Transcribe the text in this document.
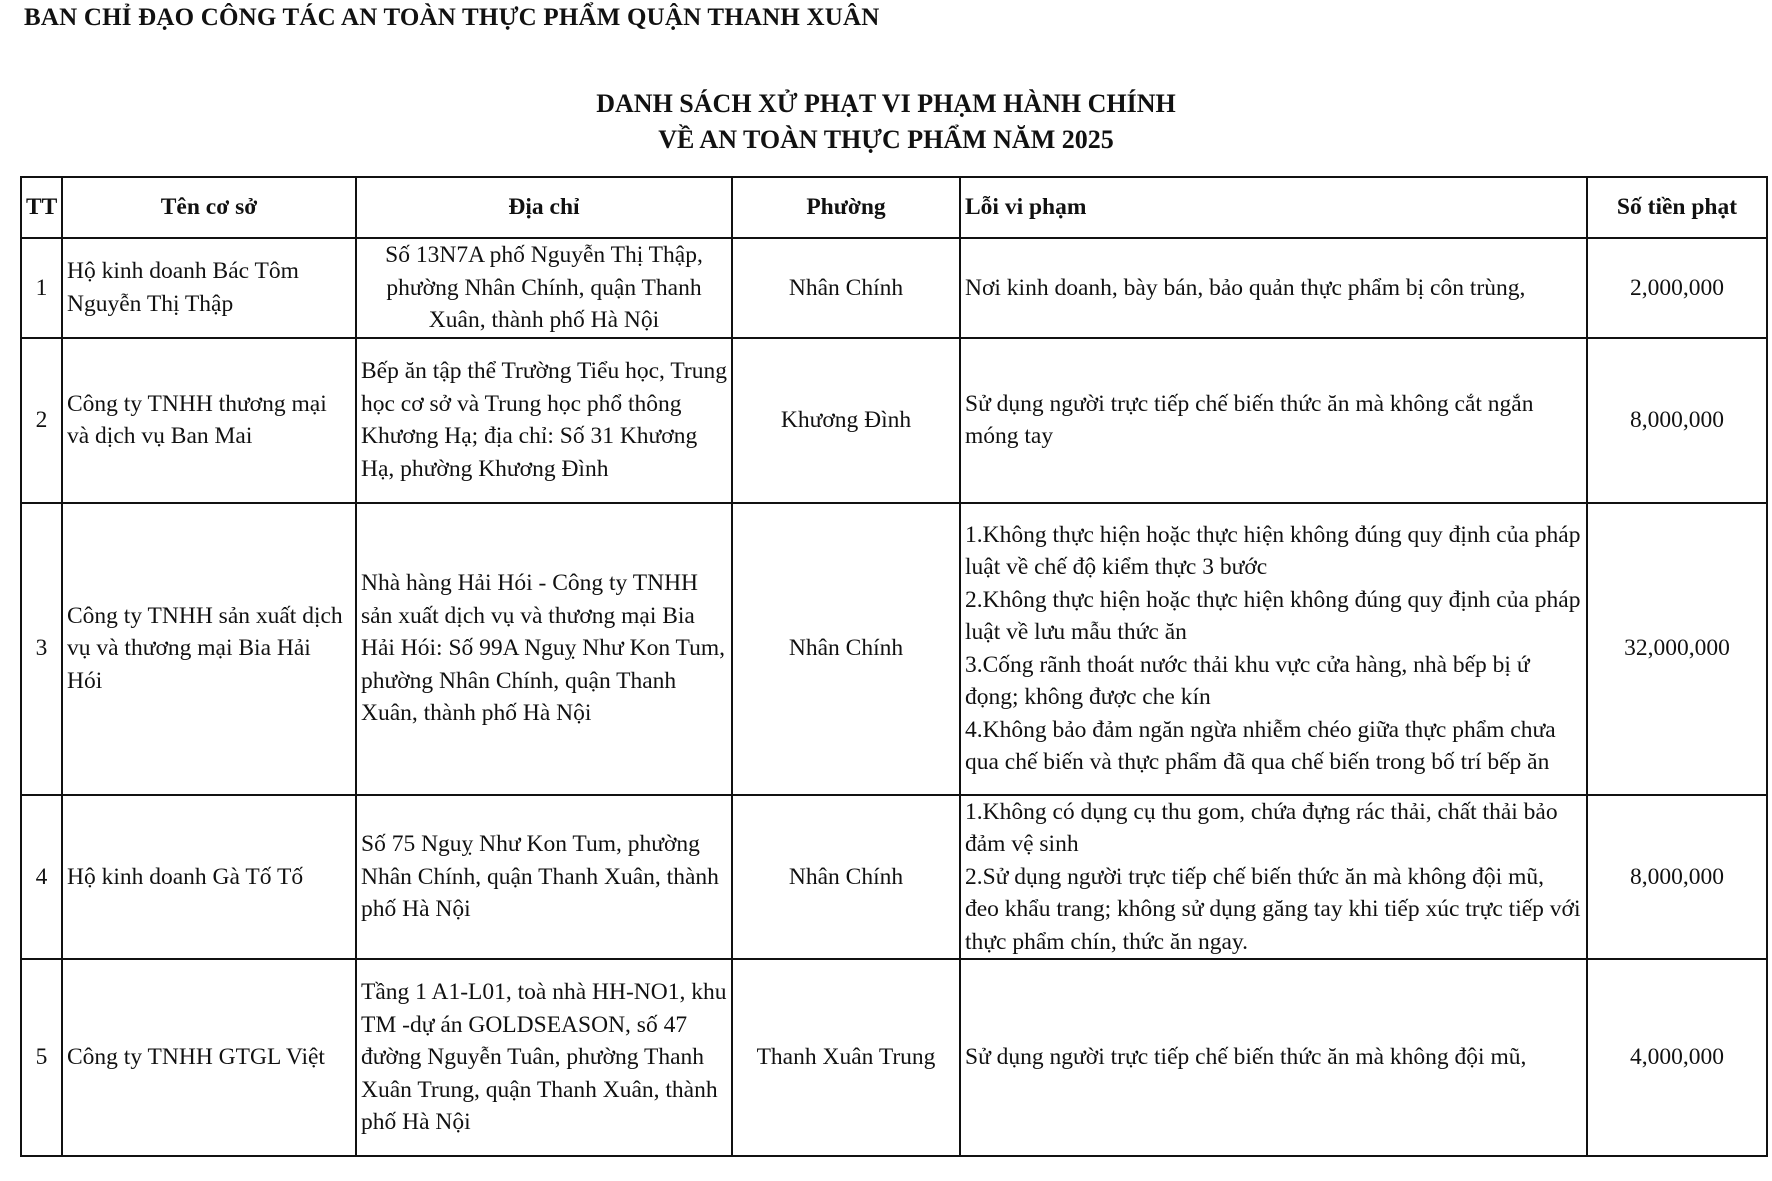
BAN CHỈ ĐẠO CÔNG TÁC AN TOÀN THỰC PHẨM QUẬN THANH XUÂN
DANH SÁCH XỬ PHẠT VI PHẠM HÀNH CHÍNH
VỀ AN TOÀN THỰC PHẨM NĂM 2025
TT	Tên cơ sở	Địa chỉ	Phường	Lỗi vi phạm	Số tiền phạt
1	Hộ kinh doanh Bác Tôm Nguyễn Thị Thập	Số 13N7A phố Nguyễn Thị Thập, phường Nhân Chính, quận Thanh Xuân, thành phố Hà Nội	Nhân Chính	Nơi kinh doanh, bày bán, bảo quản thực phẩm bị côn trùng,	2,000,000
2	Công ty TNHH thương mại và dịch vụ Ban Mai	Bếp ăn tập thể Trường Tiểu học, Trung học cơ sở và Trung học phổ thông Khương Hạ; địa chỉ: Số 31 Khương Hạ, phường Khương Đình	Khương Đình	Sử dụng người trực tiếp chế biến thức ăn mà không cắt ngắn móng tay	8,000,000
3	Công ty TNHH sản xuất dịch vụ và thương mại Bia Hải Hói	Nhà hàng Hải Hói - Công ty TNHH sản xuất dịch vụ và thương mại Bia Hải Hói: Số 99A Nguỵ Như Kon Tum, phường Nhân Chính, quận Thanh Xuân, thành phố Hà Nội	Nhân Chính	1.Không thực hiện hoặc thực hiện không đúng quy định của pháp luật về chế độ kiểm thực 3 bước
2.Không thực hiện hoặc thực hiện không đúng quy định của pháp luật về lưu mẫu thức ăn
3.Cống rãnh thoát nước thải khu vực cửa hàng, nhà bếp bị ứ đọng; không được che kín
4.Không bảo đảm ngăn ngừa nhiễm chéo giữa thực phẩm chưa qua chế biến và thực phẩm đã qua chế biến trong bố trí bếp ăn	32,000,000
4	Hộ kinh doanh Gà Tố Tố	Số 75 Nguỵ Như Kon Tum, phường Nhân Chính, quận Thanh Xuân, thành phố Hà Nội	Nhân Chính	1.Không có dụng cụ thu gom, chứa đựng rác thải, chất thải bảo đảm vệ sinh
2.Sử dụng người trực tiếp chế biến thức ăn mà không đội mũ, đeo khẩu trang; không sử dụng găng tay khi tiếp xúc trực tiếp với thực phẩm chín, thức ăn ngay.	8,000,000
5	Công ty TNHH GTGL Việt	Tầng 1 A1-L01, toà nhà HH-NO1, khu TM -dự án GOLDSEASON, số 47 đường Nguyễn Tuân, phường Thanh Xuân Trung, quận Thanh Xuân, thành phố Hà Nội	Thanh Xuân Trung	Sử dụng người trực tiếp chế biến thức ăn mà không đội mũ,	4,000,000
